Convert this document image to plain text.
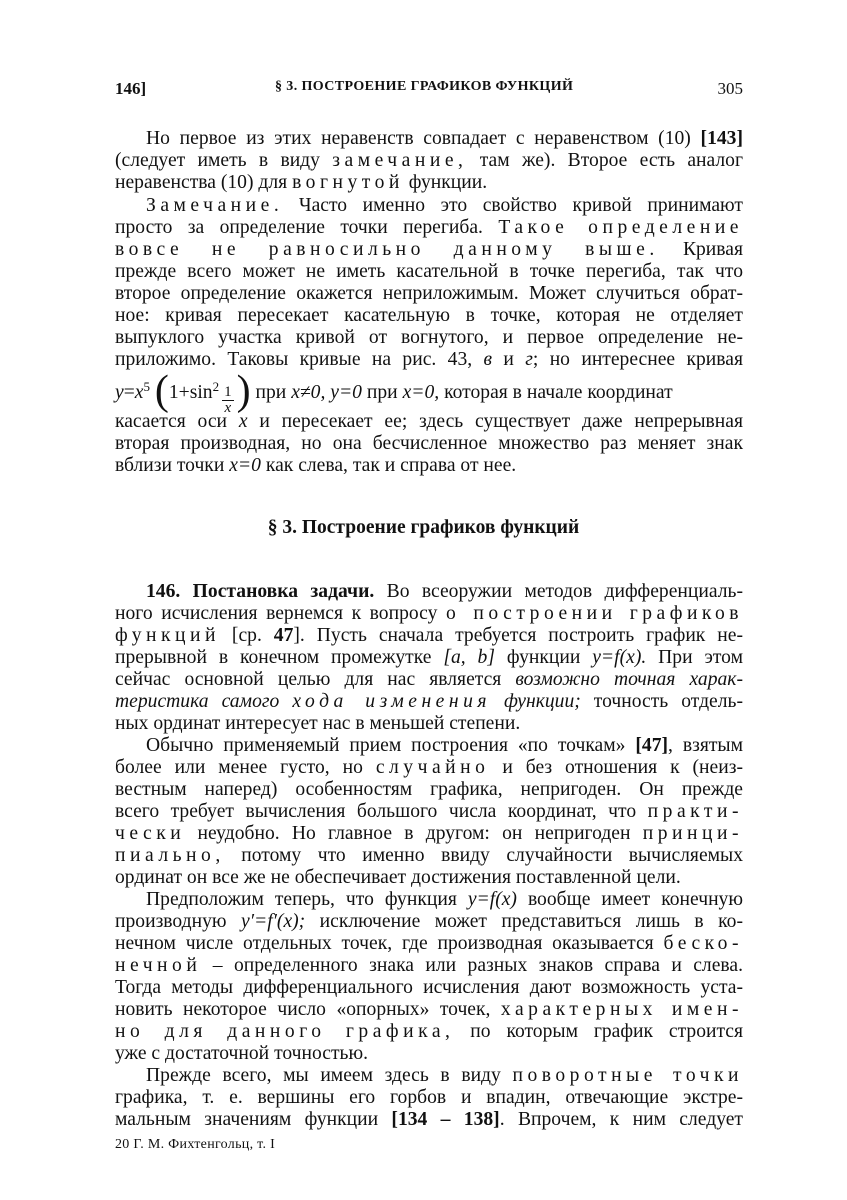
146]	§ 3. ПОСТРОЕНИЕ ГРАФИКОВ ФУНКЦИЙ	305
Но первое из этих неравенств совпадает с неравенством (10) [143]
(следует иметь в виду замечание, там же). Второе есть аналог
неравенства (10) для вогнутой функции.
Замечание. Часто именно это свойство кривой принимают
просто за определение точки перегиба. Такое определение
вовсе не равносильно данному выше. Кривая
прежде всего может не иметь касательной в точке перегиба, так что
второе определение окажется неприложимым. Может случиться обрат-
ное: кривая пересекает касательную в точке, которая не отделяет
выпуклого участка кривой от вогнутого, и первое определение не-
приложимо. Таковы кривые на рис. 43, в и г; но интереснее кривая
$y=x^5$ ($1+\sin^2 \frac{1}{x}$ ) при x≠0, y=0 при x=0, которая в начале координат
касается оси x и пересекает ее; здесь существует даже непрерывная
вторая производная, но она бесчисленное множество раз меняет знак
вблизи точки x=0 как слева, так и справа от нее.
§ 3. Построение графиков функций
146. Постановка задачи. Во всеоружии методов дифференциаль-
ного исчисления вернемся к вопросу о построении графиков
функций [ср. 47]. Пусть сначала требуется построить график не-
прерывной в конечном промежутке [a, b] функции y=f(x). При этом
сейчас основной целью для нас является возможно точная харак-
теристика самого хода изменения функции; точность отдель-
ных ординат интересует нас в меньшей степени.
Обычно применяемый прием построения «по точкам» [47], взятым
более или менее густо, но случайно и без отношения к (неиз-
вестным наперед) особенностям графика, непригоден. Он прежде
всего требует вычисления большого числа координат, что практи-
чески неудобно. Но главное в другом: он непригоден принци-
пиально, потому что именно ввиду случайности вычисляемых
ординат он все же не обеспечивает достижения поставленной цели.
Предположим теперь, что функция y=f(x) вообще имеет конечную
производную y′=f′(x); исключение может представиться лишь в ко-
нечном числе отдельных точек, где производная оказывается беско-
нечной – определенного знака или разных знаков справа и слева.
Тогда методы дифференциального исчисления дают возможность уста-
новить некоторое число «опорных» точек, характерных имен-
но для данного графика, по которым график строится
уже с достаточной точностью.
Прежде всего, мы имеем здесь в виду поворотные точки
графика, т. е. вершины его горбов и впадин, отвечающие экстре-
мальным значениям функции [134 – 138]. Впрочем, к ним следует
20 Г. М. Фихтенгольц, т. I
